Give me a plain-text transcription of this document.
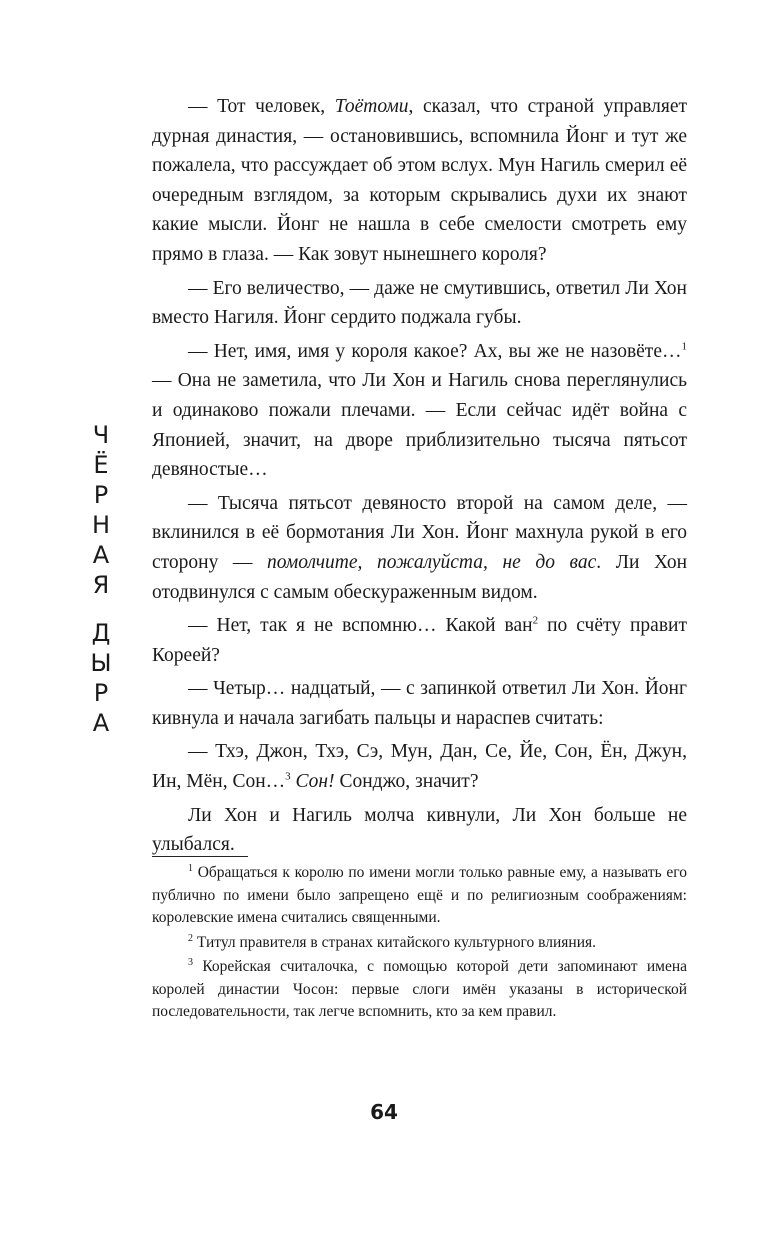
Ч
Ё
Р
Н
А
Я
Д
Ы
Р
А

— Тот человек, Тоётоми, сказал, что страной управляет дурная династия, — остановившись, вспомнила Йонг и тут же пожалела, что рассуждает об этом вслух. Мун Нагиль смерил её очередным взглядом, за которым скрывались духи их знают какие мысли. Йонг не нашла в себе смелости смотреть ему прямо в глаза. — Как зовут нынешнего короля?

— Его величество, — даже не смутившись, ответил Ли Хон вместо Нагиля. Йонг сердито поджала губы.

— Нет, имя, имя у короля какое? Ах, вы же не назовёте…$^1$ — Она не заметила, что Ли Хон и Нагиль снова переглянулись и одинаково пожали плечами. — Если сейчас идёт война с Японией, значит, на дворе приблизительно тысяча пятьсот девяностые…

— Тысяча пятьсот девяносто второй на самом деле, — вклинился в её бормотания Ли Хон. Йонг махнула рукой в его сторону — помолчите, пожалуйста, не до вас. Ли Хон отодвинулся с самым обескураженным видом.

— Нет, так я не вспомню… Какой ван$^2$ по счёту правит Кореей?

— Четыр… надцатый, — с запинкой ответил Ли Хон. Йонг кивнула и начала загибать пальцы и нараспев считать:

— Тхэ, Джон, Тхэ, Сэ, Мун, Дан, Се, Йе, Сон, Ён, Джун, Ин, Мён, Сон…$^3$ Сон! Сонджо, значит?

Ли Хон и Нагиль молча кивнули, Ли Хон больше не улыбался.

$^1$ Обращаться к королю по имени могли только равные ему, а называть его публично по имени было запрещено ещё и по религиозным соображениям: королевские имена считались священными.

$^2$ Титул правителя в странах китайского культурного влияния.

$^3$ Корейская считалочка, с помощью которой дети запоминают имена королей династии Чосон: первые слоги имён указаны в исторической последовательности, так легче вспомнить, кто за кем правил.

64
